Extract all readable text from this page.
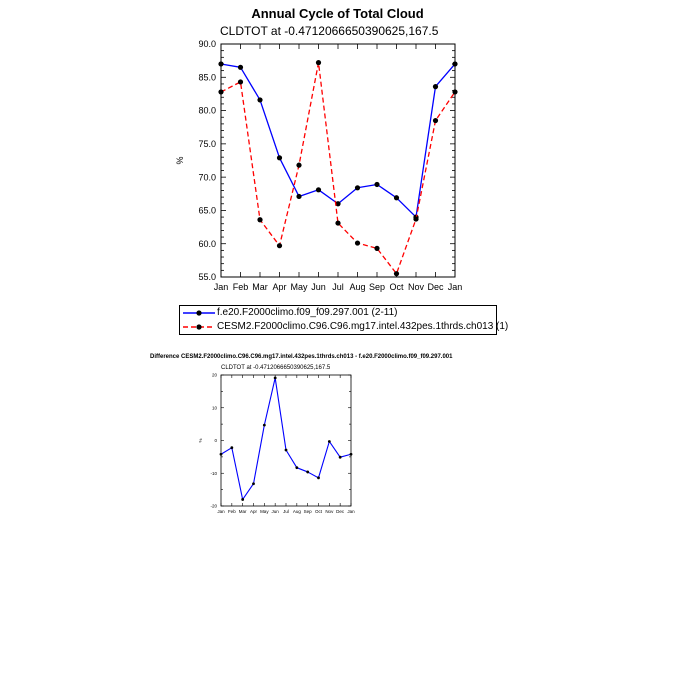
Annual Cycle of Total Cloud
CLDTOT at -0.4712066650390625,167.5
Jan Feb Mar Apr May Jun Jul Aug Sep Oct Nov Dec Jan
55.0
60.0
65.0
70.0
75.0
80.0
85.0
90.0
%
f.e20.F2000climo.f09_f09.297.001 (2-11)
CESM2.F2000climo.C96.C96.mg17.intel.432pes.1thrds.ch013 (1)
Difference CESM2.F2000climo.C96.C96.mg17.intel.432pes.1thrds.ch013 - f.e20.F2000climo.f09_f09.297.001
CLDTOT at -0.4712066650390625,167.5
Jan Feb Mar Apr May Jun Jul Aug Sep Oct Nov Dec Jan
-20
-10
0
10
20
%
